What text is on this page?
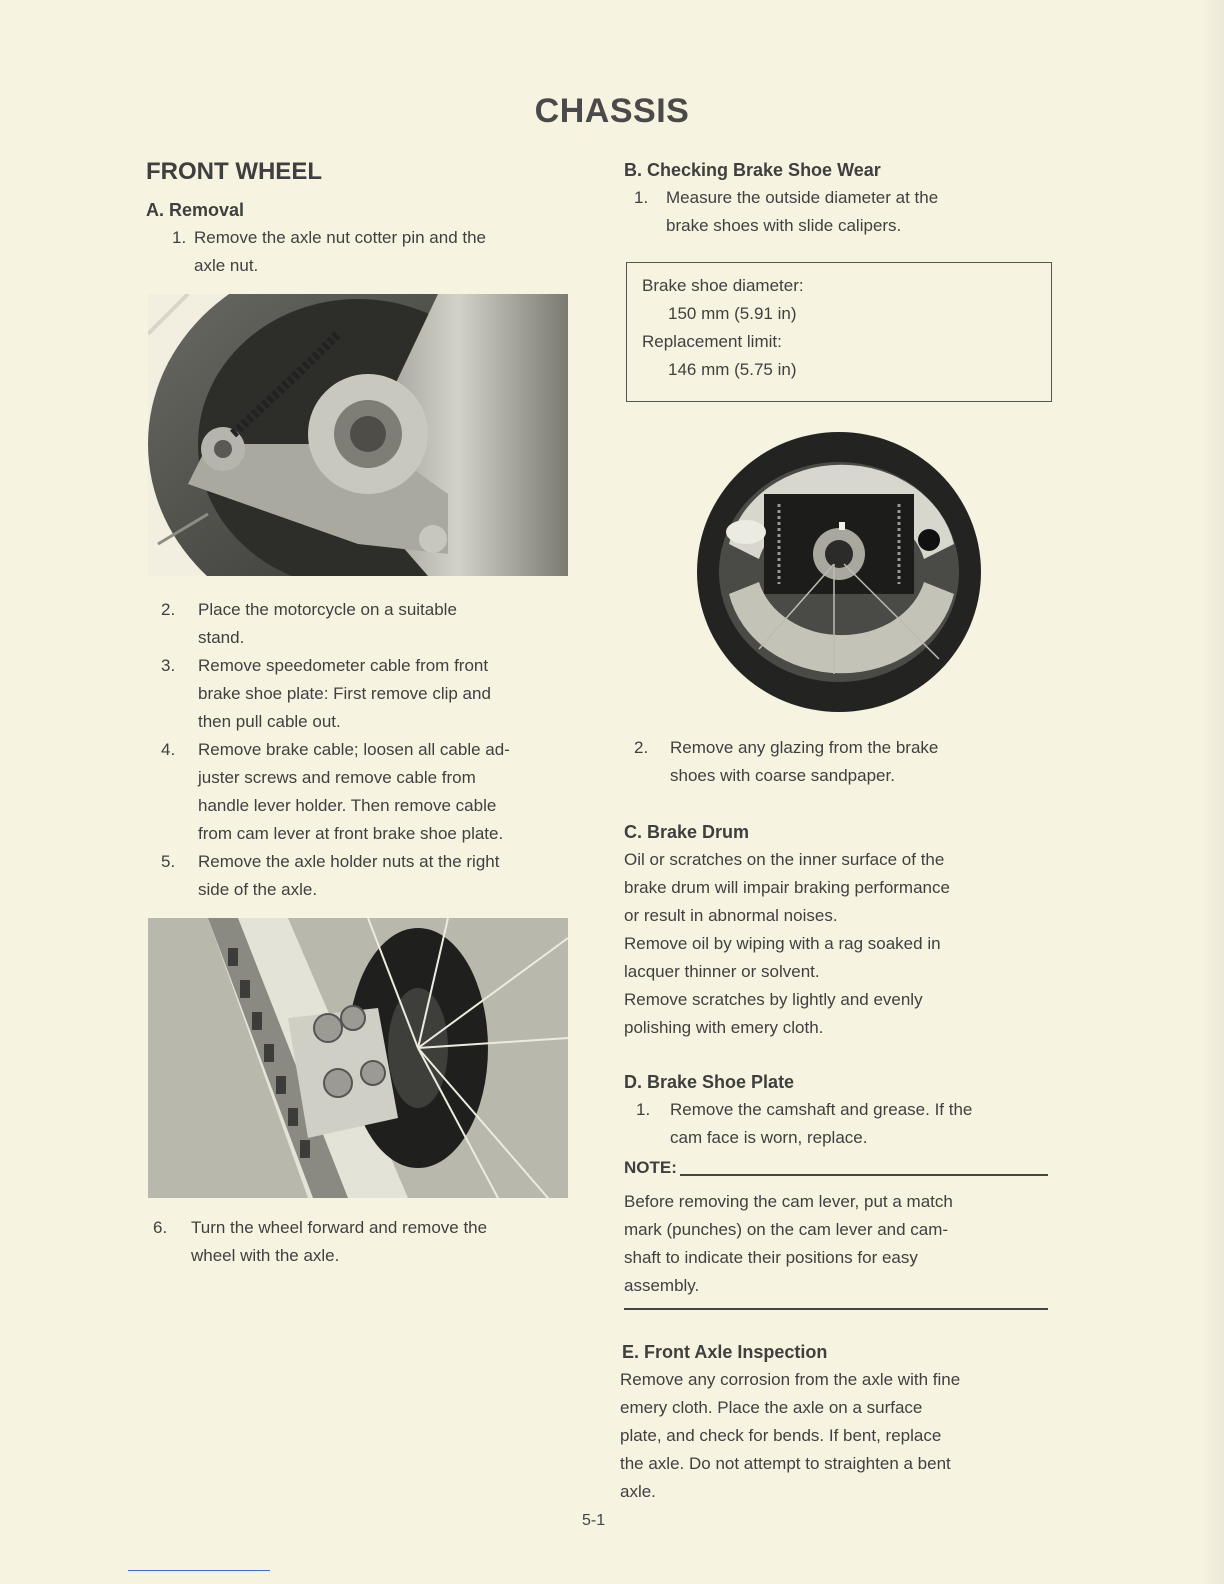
CHASSIS
FRONT WHEEL
A. Removal
1. Remove the axle nut cotter pin and the
axle nut.
2. Place the motorcycle on a suitable
stand.
3. Remove speedometer cable from front
brake shoe plate: First remove clip and
then pull cable out.
4. Remove brake cable; loosen all cable ad-
juster screws and remove cable from
handle lever holder. Then remove cable
from cam lever at front brake shoe plate.
5. Remove the axle holder nuts at the right
side of the axle.
6. Turn the wheel forward and remove the
wheel with the axle.
B. Checking Brake Shoe Wear
1. Measure the outside diameter at the
brake shoes with slide calipers.
Brake shoe diameter:
150 mm (5.91 in)
Replacement limit:
146 mm (5.75 in)
2. Remove any glazing from the brake
shoes with coarse sandpaper.
C. Brake Drum
Oil or scratches on the inner surface of the
brake drum will impair braking performance
or result in abnormal noises.
Remove oil by wiping with a rag soaked in
lacquer thinner or solvent.
Remove scratches by lightly and evenly
polishing with emery cloth.
D. Brake Shoe Plate
1. Remove the camshaft and grease. If the
cam face is worn, replace.
NOTE:
Before removing the cam lever, put a match
mark (punches) on the cam lever and cam-
shaft to indicate their positions for easy
assembly.
E. Front Axle Inspection
Remove any corrosion from the axle with fine
emery cloth. Place the axle on a surface
plate, and check for bends. If bent, replace
the axle. Do not attempt to straighten a bent
axle.
5-1
